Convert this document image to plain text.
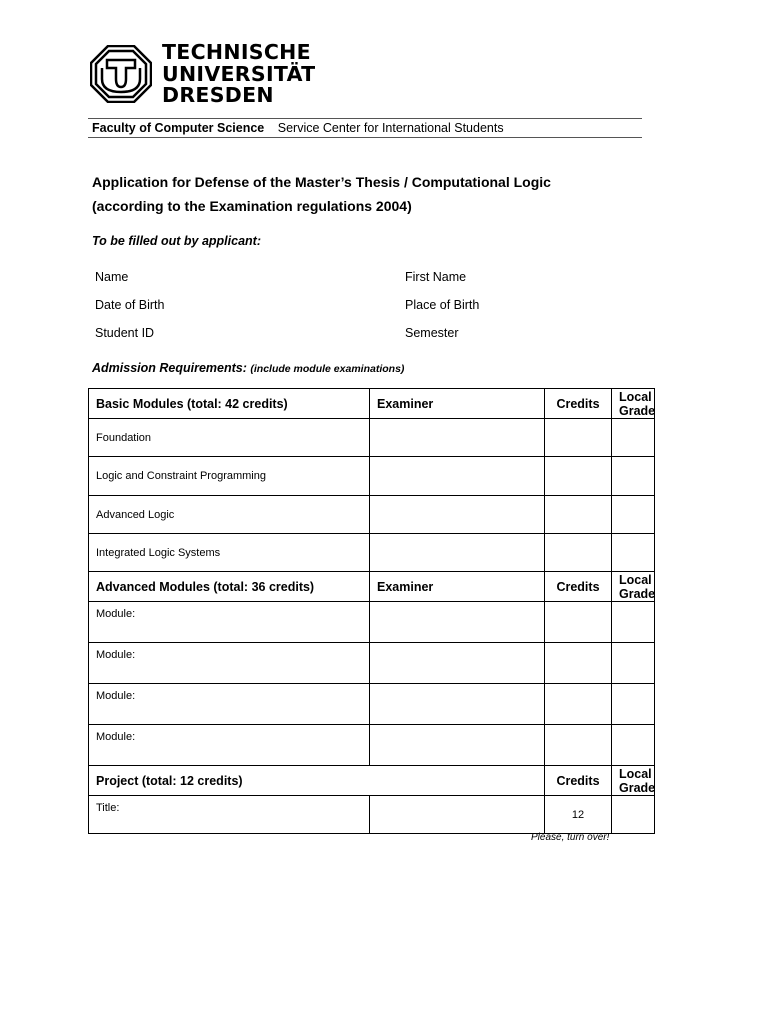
TECHNISCHE
UNIVERSITÄT
DRESDEN
Faculty of Computer Science Service Center for International Students
Application for Defense of the Master’s Thesis / Computational Logic
(according to the Examination regulations 2004)
To be filled out by applicant:
Name	First Name
Date of Birth	Place of Birth
Student ID	Semester
Admission Requirements: (include module examinations)
Basic Modules (total: 42 credits)	Examiner	Credits	Local
Grade
Foundation			
Logic and Constraint Programming			
Advanced Logic			
Integrated Logic Systems			
Advanced Modules (total: 36 credits)	Examiner	Credits	Local
Grade
Module:			
Module:			
Module:			
Module:			
Project (total: 12 credits)		Credits	Local
Grade
Title:		12	
Please, turn over!
